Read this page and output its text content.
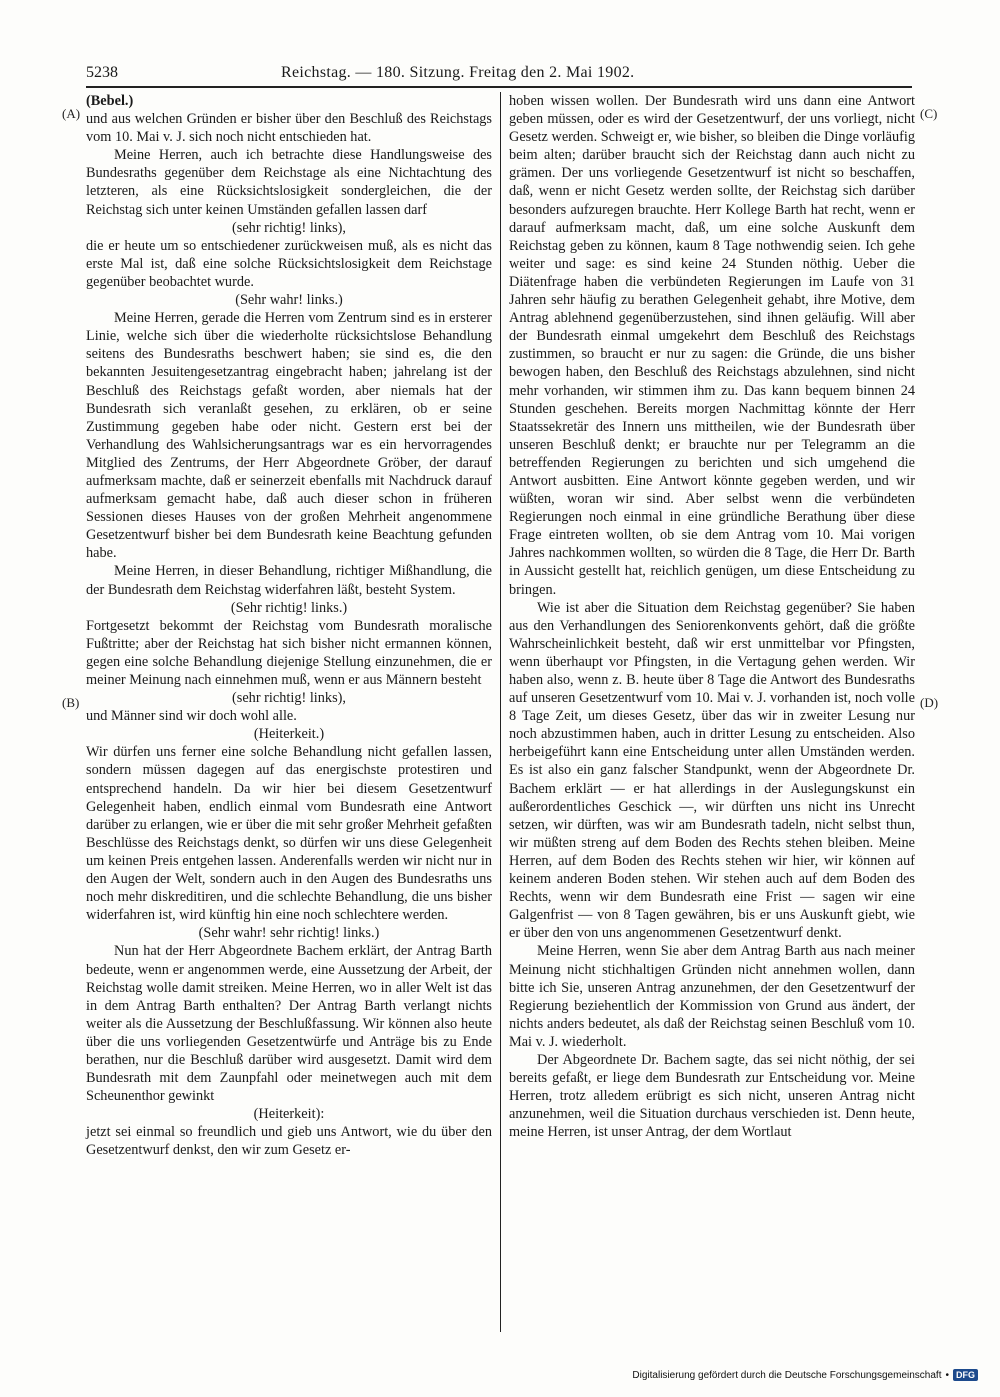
5238	Reichstag. — 180. Sitzung. Freitag den 2. Mai 1902.
(A)
(B)
(C)
(D)

(Bebel.)

und aus welchen Gründen er bisher über den Beschluß des Reichstags vom 10. Mai v. J. sich noch nicht entschieden hat.

Meine Herren, auch ich betrachte diese Handlungsweise des Bundesraths gegenüber dem Reichstage als eine Nichtachtung des letzteren, als eine Rücksichtslosigkeit sondergleichen, die der Reichstag sich unter keinen Umständen gefallen lassen darf

(sehr richtig! links),

die er heute um so entschiedener zurückweisen muß, als es nicht das erste Mal ist, daß eine solche Rücksichtslosigkeit dem Reichstage gegenüber beobachtet wurde.

(Sehr wahr! links.)

Meine Herren, gerade die Herren vom Zentrum sind es in ersterer Linie, welche sich über die wiederholte rücksichtslose Behandlung seitens des Bundesraths beschwert haben; sie sind es, die den bekannten Jesuitengesetzantrag eingebracht haben; jahrelang ist der Beschluß des Reichstags gefaßt worden, aber niemals hat der Bundesrath sich veranlaßt gesehen, zu erklären, ob er seine Zustimmung gegeben habe oder nicht. Gestern erst bei der Verhandlung des Wahlsicherungsantrags war es ein hervorragendes Mitglied des Zentrums, der Herr Abgeordnete Gröber, der darauf aufmerksam machte, daß er seinerzeit ebenfalls mit Nachdruck darauf aufmerksam gemacht habe, daß auch dieser schon in früheren Sessionen dieses Hauses von der großen Mehrheit angenommene Gesetzentwurf bisher bei dem Bundesrath keine Beachtung gefunden habe.

Meine Herren, in dieser Behandlung, richtiger Mißhandlung, die der Bundesrath dem Reichstag widerfahren läßt, besteht System.

(Sehr richtig! links.)

Fortgesetzt bekommt der Reichstag vom Bundesrath moralische Fußtritte; aber der Reichstag hat sich bisher nicht ermannen können, gegen eine solche Behandlung diejenige Stellung einzunehmen, die er meiner Meinung nach einnehmen muß, wenn er aus Männern besteht

(sehr richtig! links),

und Männer sind wir doch wohl alle.

(Heiterkeit.)

Wir dürfen uns ferner eine solche Behandlung nicht gefallen lassen, sondern müssen dagegen auf das energischste protestiren und entsprechend handeln. Da wir hier bei diesem Gesetzentwurf Gelegenheit haben, endlich einmal vom Bundesrath eine Antwort darüber zu erlangen, wie er über die mit sehr großer Mehrheit gefaßten Beschlüsse des Reichstags denkt, so dürfen wir uns diese Gelegenheit um keinen Preis entgehen lassen. Anderenfalls werden wir nicht nur in den Augen der Welt, sondern auch in den Augen des Bundesraths uns noch mehr diskreditiren, und die schlechte Behandlung, die uns bisher widerfahren ist, wird künftig hin eine noch schlechtere werden.

(Sehr wahr! sehr richtig! links.)

Nun hat der Herr Abgeordnete Bachem erklärt, der Antrag Barth bedeute, wenn er angenommen werde, eine Aussetzung der Arbeit, der Reichstag wolle damit streiken. Meine Herren, wo in aller Welt ist das in dem Antrag Barth enthalten? Der Antrag Barth verlangt nichts weiter als die Aussetzung der Beschlußfassung. Wir können also heute über die uns vorliegenden Gesetzentwürfe und Anträge bis zu Ende berathen, nur die Beschluß darüber wird ausgesetzt. Damit wird dem Bundesrath mit dem Zaunpfahl oder meinetwegen auch mit dem Scheunenthor gewinkt

(Heiterkeit):

jetzt sei einmal so freundlich und gieb uns Antwort, wie du über den Gesetzentwurf denkst, den wir zum Gesetz er-

hoben wissen wollen. Der Bundesrath wird uns dann eine Antwort geben müssen, oder es wird der Gesetzentwurf, der uns vorliegt, nicht Gesetz werden. Schweigt er, wie bisher, so bleiben die Dinge vorläufig beim alten; darüber braucht sich der Reichstag dann auch nicht zu grämen. Der uns vorliegende Gesetzentwurf ist nicht so beschaffen, daß, wenn er nicht Gesetz werden sollte, der Reichstag sich darüber besonders aufzuregen brauchte. Herr Kollege Barth hat recht, wenn er darauf aufmerksam macht, daß, um eine solche Auskunft dem Reichstag geben zu können, kaum 8 Tage nothwendig seien. Ich gehe weiter und sage: es sind keine 24 Stunden nöthig. Ueber die Diätenfrage haben die verbündeten Regierungen im Laufe von 31 Jahren sehr häufig zu berathen Gelegenheit gehabt, ihre Motive, dem Antrag ablehnend gegenüberzustehen, sind ihnen geläufig. Will aber der Bundesrath einmal umgekehrt dem Beschluß des Reichstags zustimmen, so braucht er nur zu sagen: die Gründe, die uns bisher bewogen haben, den Beschluß des Reichstags abzulehnen, sind nicht mehr vorhanden, wir stimmen ihm zu. Das kann bequem binnen 24 Stunden geschehen. Bereits morgen Nachmittag könnte der Herr Staatssekretär des Innern uns mittheilen, wie der Bundesrath über unseren Beschluß denkt; er brauchte nur per Telegramm an die betreffenden Regierungen zu berichten und sich umgehend die Antwort ausbitten. Eine Antwort könnte gegeben werden, und wir wüßten, woran wir sind. Aber selbst wenn die verbündeten Regierungen noch einmal in eine gründliche Berathung über diese Frage eintreten wollten, ob sie dem Antrag vom 10. Mai vorigen Jahres nachkommen wollten, so würden die 8 Tage, die Herr Dr. Barth in Aussicht gestellt hat, reichlich genügen, um diese Entscheidung zu bringen.

Wie ist aber die Situation dem Reichstag gegenüber? Sie haben aus den Verhandlungen des Seniorenkonvents gehört, daß die größte Wahrscheinlichkeit besteht, daß wir erst unmittelbar vor Pfingsten, wenn überhaupt vor Pfingsten, in die Vertagung gehen werden. Wir haben also, wenn z. B. heute über 8 Tage die Antwort des Bundesraths auf unseren Gesetzentwurf vom 10. Mai v. J. vorhanden ist, noch volle 8 Tage Zeit, um dieses Gesetz, über das wir in zweiter Lesung nur noch abzustimmen haben, auch in dritter Lesung zu entscheiden. Also herbeigeführt kann eine Entscheidung unter allen Umständen werden. Es ist also ein ganz falscher Standpunkt, wenn der Abgeordnete Dr. Bachem erklärt — er hat allerdings in der Auslegungskunst ein außerordentliches Geschick —, wir dürften uns nicht ins Unrecht setzen, wir dürften, was wir am Bundesrath tadeln, nicht selbst thun, wir müßten streng auf dem Boden des Rechts stehen bleiben. Meine Herren, auf dem Boden des Rechts stehen wir hier, wir können auf keinem anderen Boden stehen. Wir stehen auch auf dem Boden des Rechts, wenn wir dem Bundesrath eine Frist — sagen wir eine Galgenfrist — von 8 Tagen gewähren, bis er uns Auskunft giebt, wie er über den von uns angenommenen Gesetzentwurf denkt.

Meine Herren, wenn Sie aber dem Antrag Barth aus nach meiner Meinung nicht stichhaltigen Gründen nicht annehmen wollen, dann bitte ich Sie, unseren Antrag anzunehmen, der den Gesetzentwurf der Regierung beziehentlich der Kommission von Grund aus ändert, der nichts anders bedeutet, als daß der Reichstag seinen Beschluß vom 10. Mai v. J. wiederholt.

Der Abgeordnete Dr. Bachem sagte, das sei nicht nöthig, der sei bereits gefaßt, er liege dem Bundesrath zur Entscheidung vor. Meine Herren, trotz alledem erübrigt es sich nicht, unseren Antrag nicht anzunehmen, weil die Situation durchaus verschieden ist. Denn heute, meine Herren, ist unser Antrag, der dem Wortlaut

Digitalisierung gefördert durch die Deutsche Forschungsgemeinschaft • DFG
